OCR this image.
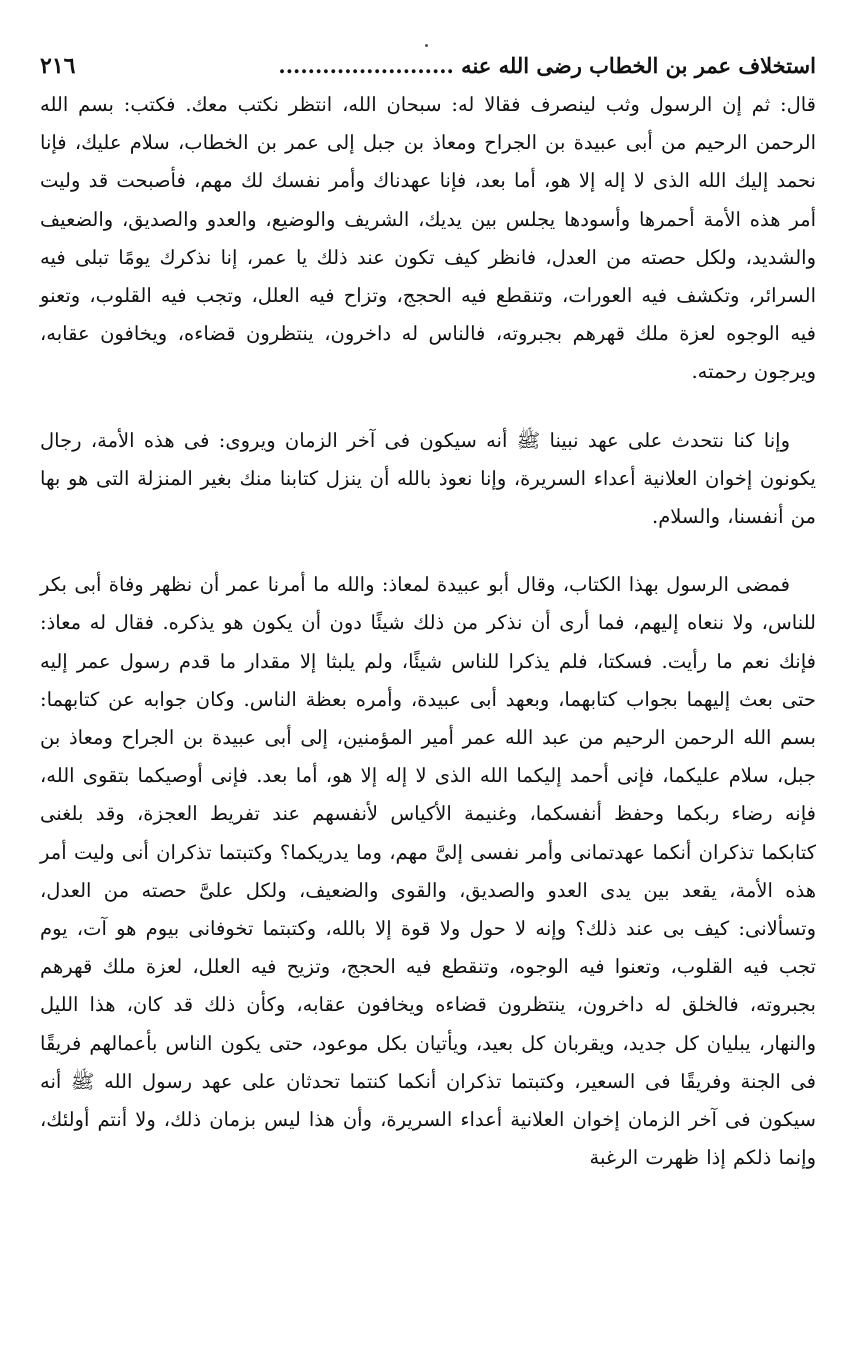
استخلاف عمر بن الخطاب رضى الله عنه ........................
٢١٦

قال: ثم إن الرسول وثب لينصرف فقالا له: سبحان الله، انتظر نكتب معك. فكتب: بسم الله الرحمن الرحيم من أبى عبيدة بن الجراح ومعاذ بن جبل إلى عمر بن الخطاب، سلام عليك، فإنا نحمد إليك الله الذى لا إله إلا هو، أما بعد، فإنا عهدناك وأمر نفسك لك مهم، فأصبحت قد وليت أمر هذه الأمة أحمرها وأسودها يجلس بين يديك، الشريف والوضيع، والعدو والصديق، والضعيف والشديد، ولكل حصته من العدل، فانظر كيف تكون عند ذلك يا عمر، إنا نذكرك يومًا تبلى فيه السرائر، وتكشف فيه العورات، وتنقطع فيه الحجج، وتزاح فيه العلل، وتجب فيه القلوب، وتعنو فيه الوجوه لعزة ملك قهرهم بجبروته، فالناس له داخرون، ينتظرون قضاءه، ويخافون عقابه، ويرجون رحمته.

وإنا كنا نتحدث على عهد نبينا ﷺ أنه سيكون فى آخر الزمان ويروى: فى هذه الأمة، رجال يكونون إخوان العلانية أعداء السريرة، وإنا نعوذ بالله أن ينزل كتابنا منك بغير المنزلة التى هو بها من أنفسنا، والسلام.

فمضى الرسول بهذا الكتاب، وقال أبو عبيدة لمعاذ: والله ما أمرنا عمر أن نظهر وفاة أبى بكر للناس، ولا ننعاه إليهم، فما أرى أن نذكر من ذلك شيئًا دون أن يكون هو يذكره. فقال له معاذ: فإنك نعم ما رأيت. فسكتا، فلم يذكرا للناس شيئًا، ولم يلبثا إلا مقدار ما قدم رسول عمر إليه حتى بعث إليهما بجواب كتابهما، وبعهد أبى عبيدة، وأمره بعظة الناس. وكان جوابه عن كتابهما: بسم الله الرحمن الرحيم من عبد الله عمر أمير المؤمنين، إلى أبى عبيدة بن الجراح ومعاذ بن جبل، سلام عليكما، فإنى أحمد إليكما الله الذى لا إله إلا هو، أما بعد. فإنى أوصيكما بتقوى الله، فإنه رضاء ربكما وحفظ أنفسكما، وغنيمة الأكياس لأنفسهم عند تفريط العجزة، وقد بلغنى كتابكما تذكران أنكما عهدتمانى وأمر نفسى إلىَّ مهم، وما يدريكما؟ وكتبتما تذكران أنى وليت أمر هذه الأمة، يقعد بين يدى العدو والصديق، والقوى والضعيف، ولكل علىَّ حصته من العدل، وتسألانى: كيف بى عند ذلك؟ وإنه لا حول ولا قوة إلا بالله، وكتبتما تخوفانى بيوم هو آت، يوم تجب فيه القلوب، وتعنوا فيه الوجوه، وتنقطع فيه الحجج، وتزيح فيه العلل، لعزة ملك قهرهم بجبروته، فالخلق له داخرون، ينتظرون قضاءه ويخافون عقابه، وكأن ذلك قد كان، هذا الليل والنهار، يبليان كل جديد، ويقربان كل بعيد، ويأتيان بكل موعود، حتى يكون الناس بأعمالهم فريقًا فى الجنة وفريقًا فى السعير، وكتبتما تذكران أنكما كنتما تحدثان على عهد رسول الله ﷺ أنه سيكون فى آخر الزمان إخوان العلانية أعداء السريرة، وأن هذا ليس بزمان ذلك، ولا أنتم أولئك، وإنما ذلكم إذا ظهرت الرغبة
